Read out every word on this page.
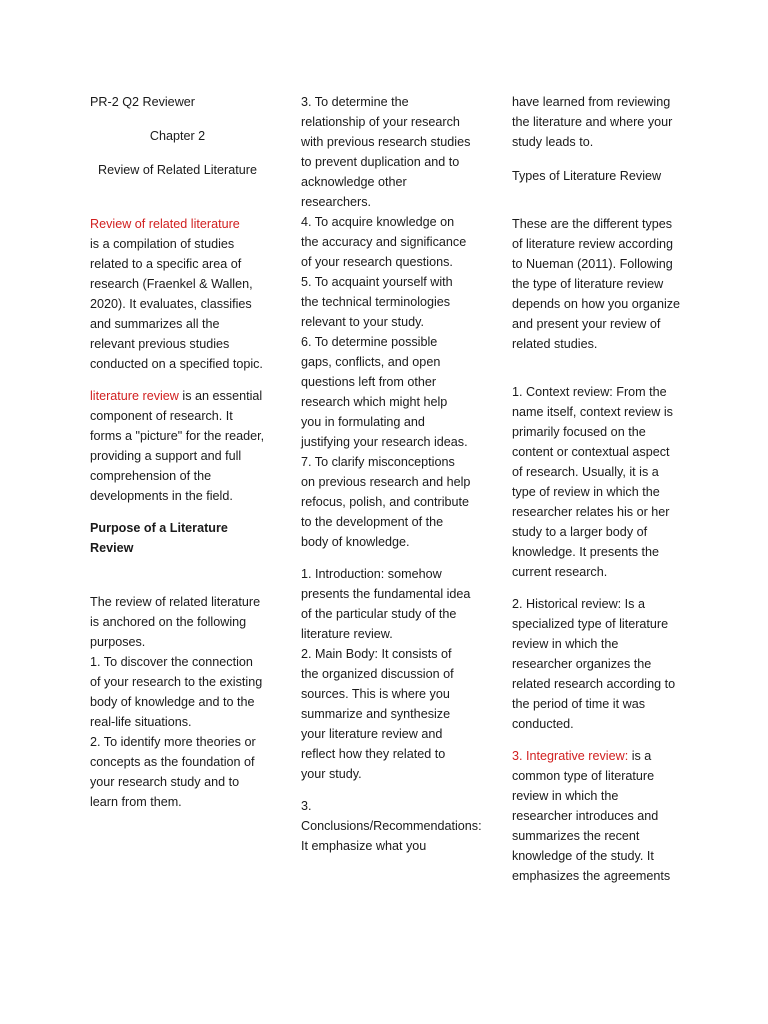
PR-2 Q2 Reviewer

Chapter 2

Review of Related Literature

Review of related literature
is a compilation of studies related to a specific area of research (Fraenkel & Wallen, 2020). It evaluates, classifies and summarizes all the relevant previous studies conducted on a specified topic.

literature review is an essential component of research. It forms a "picture" for the reader, providing a support and full comprehension of the developments in the field.

Purpose of a Literature Review

The review of related literature is anchored on the following purposes.

1. To discover the connection of your research to the existing body of knowledge and to the real-life situations.

2. To identify more theories or concepts as the foundation of your research study and to learn from them.

3. To determine the relationship of your research with previous research studies to prevent duplication and to acknowledge other researchers.

4. To acquire knowledge on the accuracy and significance of your research questions.

5. To acquaint yourself with the technical terminologies relevant to your study.

6. To determine possible gaps, conflicts, and open questions left from other research which might help you in formulating and justifying your research ideas.

7. To clarify misconceptions on previous research and help refocus, polish, and contribute to the development of the body of knowledge.

1. Introduction: somehow presents the fundamental idea of the particular study of the literature review.

2. Main Body: It consists of the organized discussion of sources. This is where you summarize and synthesize your literature review and reflect how they related to your study.

3. Conclusions/Recommendations: It emphasize what you

have learned from reviewing the literature and where your study leads to.

Types of Literature Review

These are the different types of literature review according to Nueman (2011). Following the type of literature review depends on how you organize and present your review of related studies.

1. Context review: From the name itself, context review is primarily focused on the content or contextual aspect of research. Usually, it is a type of review in which the researcher relates his or her study to a larger body of knowledge. It presents the current research.

2. Historical review: Is a specialized type of literature review in which the researcher organizes the related research according to the period of time it was conducted.

3. Integrative review: is a common type of literature review in which the researcher introduces and summarizes the recent knowledge of the study. It emphasizes the agreements
